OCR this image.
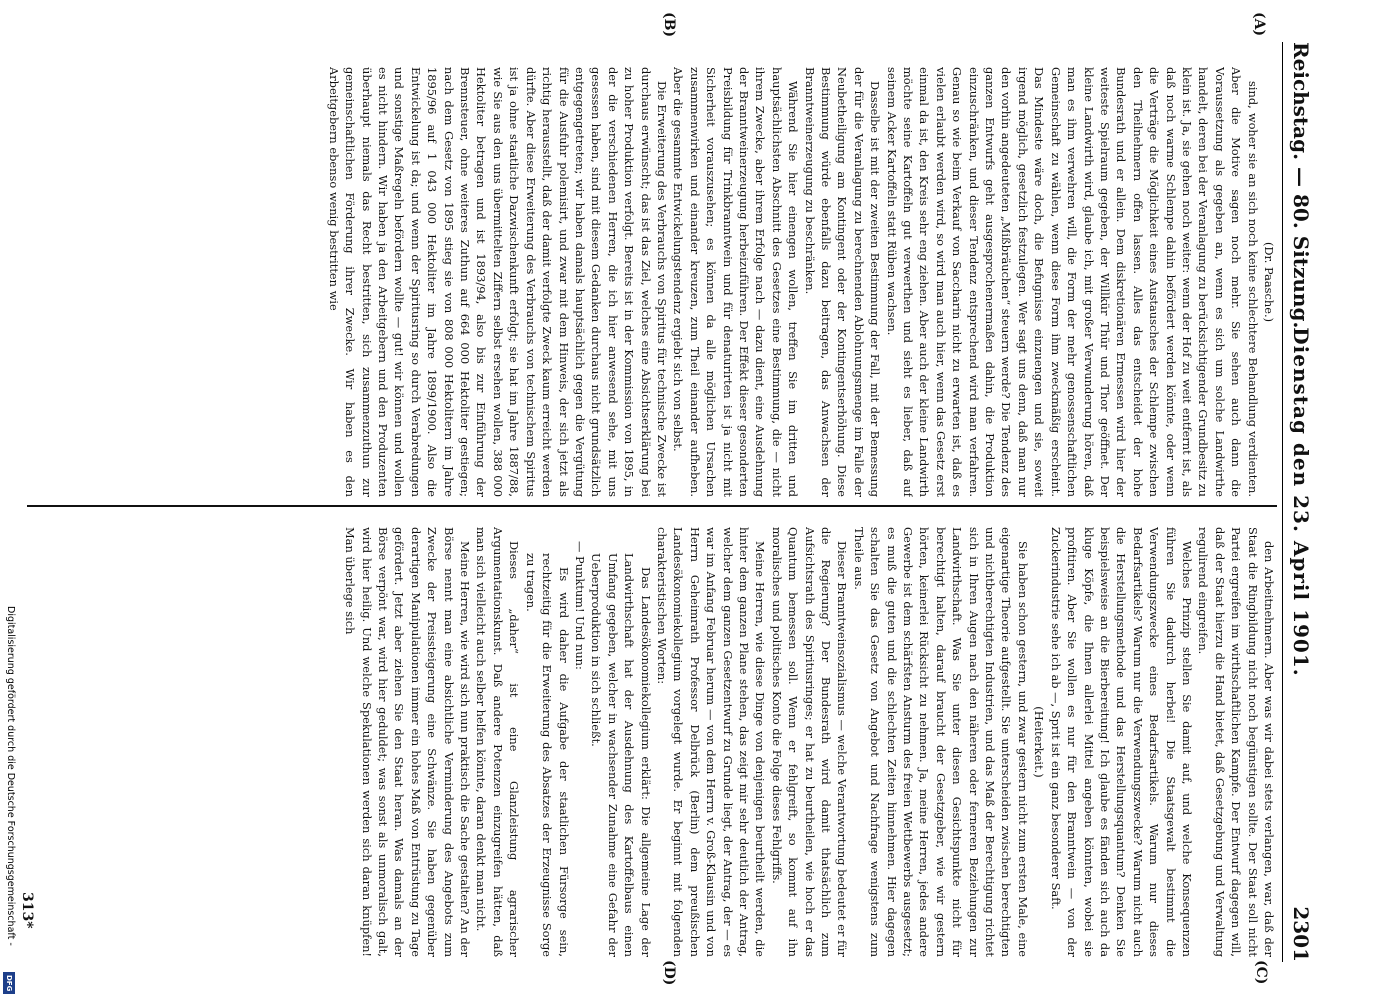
Reichstag. — 80. Sitzung.
Dienstag den 23. April 1901.
2301
(A)
(B)
(C)
(D)

(Dr. Paasche.)

sind, woher sie an sich noch keine schlechtere Behandlung verdienten. Aber die Motive sagen noch mehr. Sie sehen auch dann die Voraussetzung als gegeben an, wenn es sich um solche Landwirthe handelt, deren bei der Veranlagung zu berücksichtigender Grundbesitz zu klein ist. Ja, sie gehen noch weiter: wenn der Hof zu weit entfernt ist, als daß noch warme Schlempe dahin befördert werden könnte, oder wenn die Verträge die Möglichkeit eines Austausches der Schlempe zwischen den Theilnehmern offen lassen. Alles das entscheidet der hohe Bundesrath und er allein. Dem diskretionären Ermessen wird hier der weiteste Spielraum gegeben, der Willkür Thür und Thor geöffnet. Der kleine Landwirth wird, glaube ich, mit großer Verwunderung hören, daß man es ihm verwehren will, die Form der mehr genossenschaftlichen Gemeinschaft zu wählen, wenn diese Form ihm zweckmäßig erscheint. Das Mindeste wäre doch, die Befugnisse einzuengen und sie, soweit irgend möglich, gesetzlich festzulegen. Wer sagt uns denn, daß man nur den vorhin angedeuteten „Mißbräuchen“ steuern werde? Die Tendenz des ganzen Entwurfs geht ausgesprochenermaßen dahin, die Produktion einzuschränken, und dieser Tendenz entsprechend wird man verfahren. Genau so wie beim Verkauf von Saccharin nicht zu erwarten ist, daß es vielen erlaubt werden wird, so wird man auch hier, wenn das Gesetz erst einmal da ist, den Kreis sehr eng ziehen. Aber auch der kleine Landwirth möchte seine Kartoffeln gut verwerthen und sieht es lieber, daß auf seinem Acker Kartoffeln statt Rüben wachsen.

Dasselbe ist mit der zweiten Bestimmung der Fall, mit der Bemessung der für die Veranlagung zu berechnenden Ablohnungsmenge im Falle der Neubetheiligung am Kontingent oder der Kontingentserhöhung. Diese Bestimmung würde ebenfalls dazu beitragen, das Anwachsen der Branntweinerzeugung zu beschränken.

Während Sie hier einengen wollen, treffen Sie im dritten und hauptsächlichsten Abschnitt des Gesetzes eine Bestimmung, die — nicht ihrem Zwecke, aber ihrem Erfolge nach — dazu dient, eine Ausdehnung der Branntweinerzeugung herbeizuführen. Der Effekt dieser gesonderten Preisbildung für Trinkbranntwein und für denaturirten ist ja nicht mit Sicherheit vorauszusehen; es können da alle möglichen Ursachen zusammenwirken und einander kreuzen, zum Theil einander aufheben. Aber die gesammte Entwickelungstendenz ergiebt sich von selbst.

Die Erweiterung des Verbrauchs von Spiritus für technische Zwecke ist durchaus erwünscht; das ist das Ziel, welches eine Absichtserklärung bei zu hoher Produktion verfolgt. Bereits ist in der Kommission von 1895, in der die verschiedenen Herren, die ich hier anwesend sehe, mit uns gesessen haben, sind mit diesem Gedanken durchaus nicht grundsätzlich entgegengetreten; wir haben damals hauptsächlich gegen die Vergütung für die Ausfuhr polemisirt, und zwar mit dem Hinweis, der sich jetzt als richtig herausstellt, daß der damit verfolgte Zweck kaum erreicht werden dürfte. Aber diese Erweiterung des Verbrauchs von technischem Spiritus ist ja ohne staatliche Dazwischenkunft erfolgt; sie hat im Jahre 1887/88, wie Sie aus den uns übermittelten Ziffern selbst ersehen wollen, 388 000 Hektoliter betragen und ist 1893/94, also bis zur Einführung der Brennsteuer, ohne weiteres Zuthun auf 664 000 Hektoliter gestiegen; nach dem Gesetz von 1895 stieg sie von 808 000 Hektolitern im Jahre 1895/96 auf 1 043 000 Hektoliter im Jahre 1899/1900. Also die Entwickelung ist da; und wenn der Spiritusring so durch Verabredungen und sonstige Maßregeln befördern wollte — gut! wir können und wollen es nicht hindern. Wir haben ja den Arbeitgebern und den Produzenten überhaupt niemals das Recht bestritten, sich zusammenzuthun zur gemeinschaftlichen Förderung ihrer Zwecke. Wir haben es den Arbeitgebern ebenso wenig bestritten wie

den Arbeitnehmern. Aber was wir dabei stets verlangen, war, daß der Staat die Ringbildung nicht noch begünstigen sollte. Der Staat soll nicht Partei ergreifen im wirthschaftlichen Kampfe. Der Entwurf dagegen will, daß der Staat hierzu die Hand bietet, daß Gesetzgebung und Verwaltung regulirend eingreifen.

Welches Prinzip stellen Sie damit auf, und welche Konsequenzen führen Sie dadurch herbei! Die Staatsgewalt bestimmt die Verwendungszwecke eines Bedarfsartikels. Warum nur dieses Bedarfsartikels? Warum nur die Verwendungszwecke? Warum nicht auch die Herstellungsmethode und das Herstellungsquantum? Denken Sie beispielsweise an die Bierbereitung! Ich glaube es fänden sich auch da kluge Köpfe, die Ihnen allerlei Mittel angeben könnten, wobei sie profitiren. Aber Sie wollen es nur für den Branntwein — von der Zuckerindustrie sehe ich ab —, Sprit ist ein ganz besonderer Saft.

(Heiterkeit.)

Sie haben schon gestern, und zwar gestern nicht zum ersten Male, eine eigenartige Theorie aufgestellt. Sie unterscheiden zwischen berechtigten und nichtberechtigten Industrien, und das Maß der Berechtigung richtet sich in Ihren Augen nach den näheren oder ferneren Beziehungen zur Landwirthschaft. Was Sie unter diesen Gesichtspunkte nicht für berechtigt halten, darauf braucht der Gesetzgeber, wie wir gestern hörten, keinerlei Rücksicht zu nehmen. Ja, meine Herren, jedes andere Gewerbe ist dem schärfsten Ansturm des freien Wettbewerbs ausgesetzt; es muß die guten und die schlechten Zeiten hinnehmen. Hier dagegen schalten Sie das Gesetz von Angebot und Nachfrage wenigstens zum Theile aus.

Dieser Branntweinsozialismus — welche Verantwortung bedeutet er für die Regierung? Der Bundesrath wird damit thatsächlich zum Aufsichtsrath des Spiritusringes; er hat zu beurtheilen, wie hoch er das Quantum bemessen soll. Wenn er fehlgreift, so kommt auf ihn moralisches und politisches Konto die Folge dieses Fehlgriffs.

Meine Herren, wie diese Dinge von denjenigen beurtheilt werden, die hinter dem ganzen Plane stehen, das zeigt mir sehr deutlich der Antrag, welcher dem ganzen Gesetzentwurf zu Grunde liegt, der Antrag, der — es war im Anfang Februar herum — von dem Herrn v. Groß-Klausin und von Herrn Geheimrath Professor Delbrück (Berlin) dem preußischen Landesökonomiekollegium vorgelegt wurde. Er beginnt mit folgenden charakteristischen Worten:

Das Landesökonomiekollegium erklärt: Die allgemeine Lage der Landwirthschaft hat der Ausdehnung des Kartoffelbaus einen Umfang gegeben, welcher in wachsender Zunahme eine Gefahr der Ueberproduktion in sich schließt.

— Punktum! Und nun:

Es wird daher die Aufgabe der staatlichen Fürsorge sein, rechtzeitig für die Erweiterung des Absatzes der Erzeugnisse Sorge zu tragen.

Dieses „daher“ ist eine Glanzleistung agrarischer Argumentationskunst. Daß andere Potenzen einzugreifen hätten, daß man sich vielleicht auch selber helfen könnte, daran denkt man nicht.

Meine Herren, wie wird sich nun praktisch die Sache gestalten? An der Börse nennt man eine absichtliche Verminderung des Angebots zum Zwecke der Preissteigerung eine Schwänze. Sie haben gegenüber derartigen Manipulationen immer ein hohes Maß von Entrüstung zu Tage gefördert. Jetzt aber ziehen Sie den Staat heran. Was damals an der Börse verpönt war, wird hier geduldet; was sonst als unmoralisch galt, wird hier heilig. Und welche Spekulationen werden sich daran knüpfen! Man überlege sich

313*
Digitalisierung gefördert durch die Deutsche Forschungsgemeinschaft -
DFG
